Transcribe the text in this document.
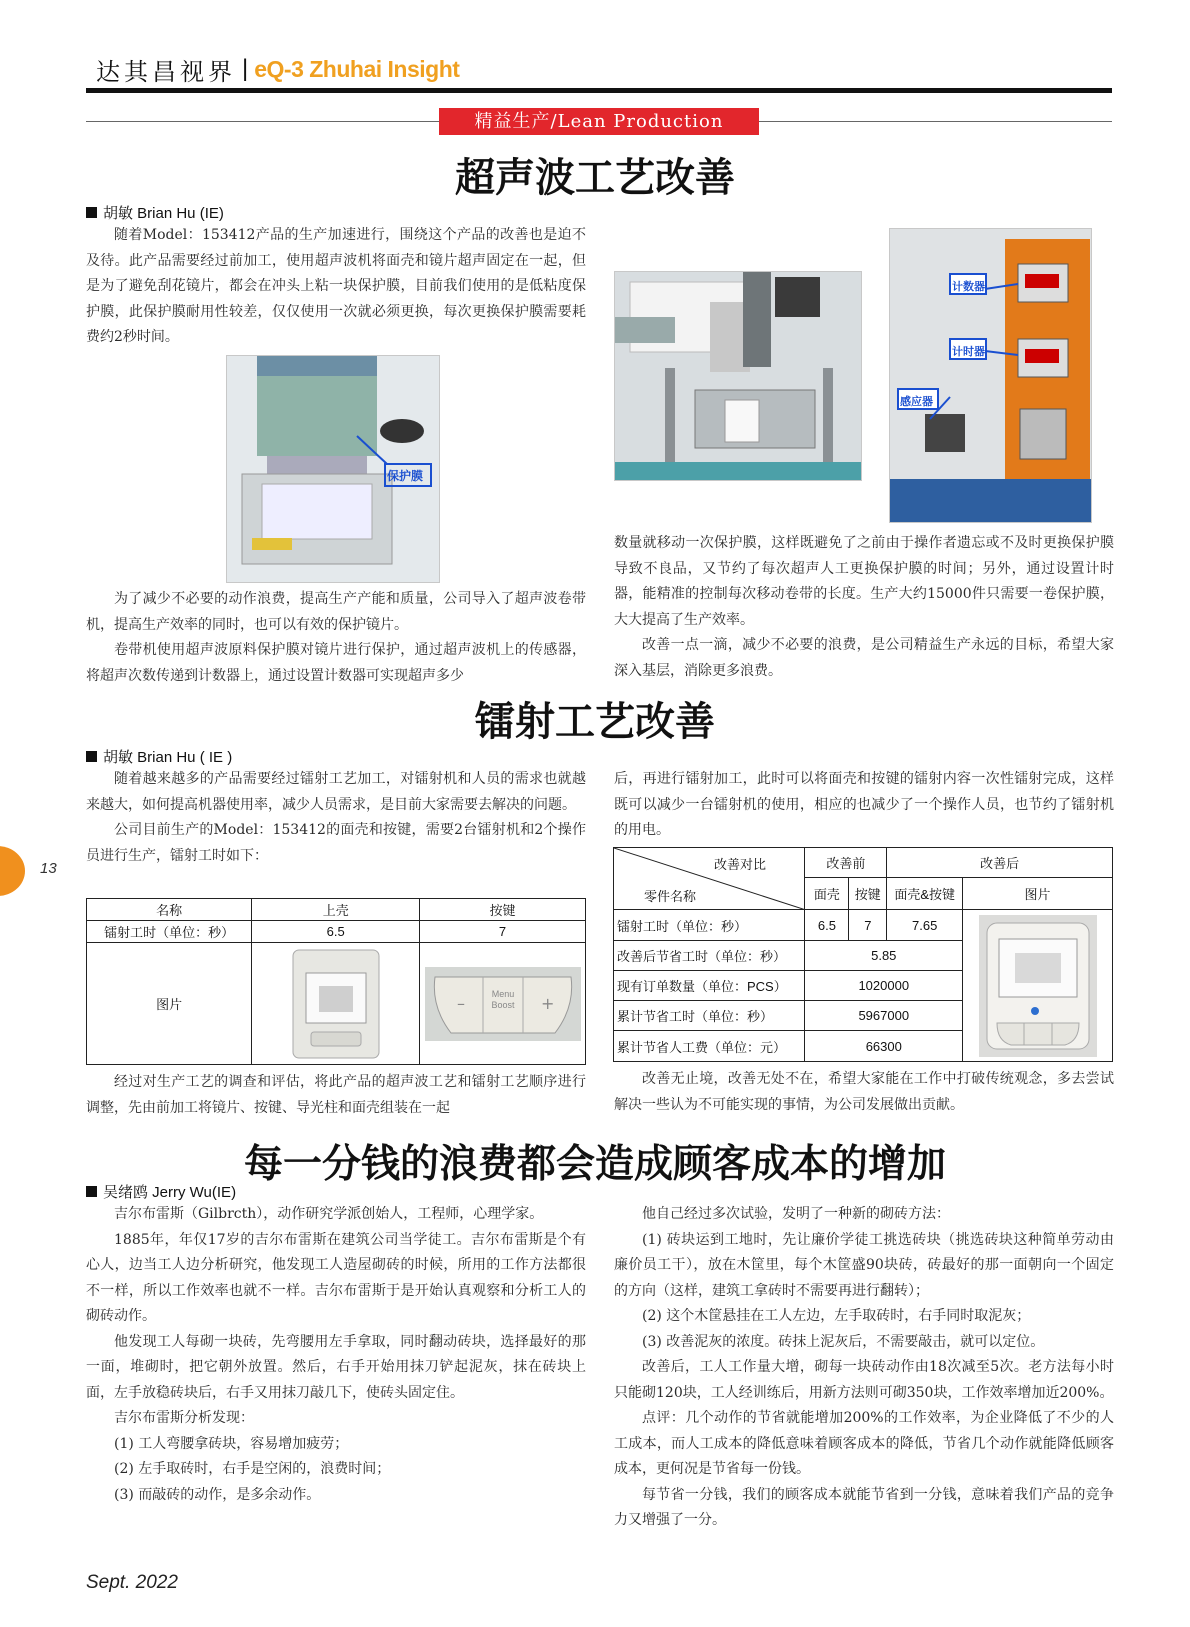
达其昌视界 | eQ-3 Zhuhai Insight
精益生产/Lean Production
超声波工艺改善
胡敏 Brian Hu (IE)

随着Model：153412产品的生产加速进行，围绕这个产品的改善也是迫不及待。此产品需要经过前加工，使用超声波机将面壳和镜片超声固定在一起，但是为了避免刮花镜片，都会在冲头上粘一块保护膜，目前我们使用的是低粘度保护膜，此保护膜耐用性较差，仅仅使用一次就必须更换，每次更换保护膜需要耗费约2秒时间。

保护膜

为了减少不必要的动作浪费，提高生产产能和质量，公司导入了超声波卷带机，提高生产效率的同时，也可以有效的保护镜片。

卷带机使用超声波原料保护膜对镜片进行保护，通过超声波机上的传感器，将超声次数传递到计数器上，通过设置计数器可实现超声多少

计数器
计时器
感应器

数量就移动一次保护膜，这样既避免了之前由于操作者遗忘或不及时更换保护膜导致不良品，又节约了每次超声人工更换保护膜的时间；另外，通过设置计时器，能精准的控制每次移动卷带的长度。生产大约15000件只需要一卷保护膜，大大提高了生产效率。

改善一点一滴，减少不必要的浪费，是公司精益生产永远的目标，希望大家深入基层，消除更多浪费。

镭射工艺改善
胡敏 Brian Hu ( IE )

随着越来越多的产品需要经过镭射工艺加工，对镭射机和人员的需求也就越来越大，如何提高机器使用率，减少人员需求，是目前大家需要去解决的问题。

公司目前生产的Model：153412的面壳和按键，需要2台镭射机和2个操作员进行生产，镭射工时如下：

名称	上壳	按键
镭射工时（单位：秒）	6.5	7
图片		– +
Menu
Boost

经过对生产工艺的调查和评估，将此产品的超声波工艺和镭射工艺顺序进行调整，先由前加工将镜片、按键、导光柱和面壳组装在一起

后，再进行镭射加工，此时可以将面壳和按键的镭射内容一次性镭射完成，这样既可以减少一台镭射机的使用，相应的也减少了一个操作人员，也节约了镭射机的用电。

改善对比
零件名称	改善前		改善后	
	面壳	按键	面壳&按键	图片
镭射工时（单位：秒）	6.5	7	7.65	

改善后节省工时（单位：秒）	5.85			
现有订单数量（单位：PCS）	1020000			
累计节省工时（单位：秒）	5967000			
累计节省人工费（单位：元）	66300			

改善无止境，改善无处不在，希望大家能在工作中打破传统观念，多去尝试解决一些认为不可能实现的事情，为公司发展做出贡献。

每一分钱的浪费都会造成顾客成本的增加
吴绪鸥 Jerry Wu(IE)

吉尔布雷斯（Gilbrcth），动作研究学派创始人，工程师，心理学家。

1885年，年仅17岁的吉尔布雷斯在建筑公司当学徒工。吉尔布雷斯是个有心人，边当工人边分析研究，他发现工人造屋砌砖的时候，所用的工作方法都很不一样，所以工作效率也就不一样。吉尔布雷斯于是开始认真观察和分析工人的砌砖动作。

他发现工人每砌一块砖，先弯腰用左手拿取，同时翻动砖块，选择最好的那一面，堆砌时，把它朝外放置。然后，右手开始用抹刀铲起泥灰，抹在砖块上面，左手放稳砖块后，右手又用抹刀敲几下，使砖头固定住。

吉尔布雷斯分析发现：

(1) 工人弯腰拿砖块，容易增加疲劳；

(2) 左手取砖时，右手是空闲的，浪费时间；

(3) 而敲砖的动作，是多余动作。

他自己经过多次试验，发明了一种新的砌砖方法：

(1) 砖块运到工地时，先让廉价学徒工挑选砖块（挑选砖块这种简单劳动由廉价员工干），放在木筐里，每个木筐盛90块砖，砖最好的那一面朝向一个固定的方向（这样，建筑工拿砖时不需要再进行翻转）；

(2) 这个木筐悬挂在工人左边，左手取砖时，右手同时取泥灰；

(3) 改善泥灰的浓度。砖抹上泥灰后，不需要敲击，就可以定位。

改善后，工人工作量大增，砌每一块砖动作由18次减至5次。老方法每小时只能砌120块，工人经训练后，用新方法则可砌350块，工作效率增加近200%。

点评：几个动作的节省就能增加200%的工作效率，为企业降低了不少的人工成本，而人工成本的降低意味着顾客成本的降低，节省几个动作就能降低顾客成本，更何况是节省每一份钱。

每节省一分钱，我们的顾客成本就能节省到一分钱，意味着我们产品的竞争力又增强了一分。

13
Sept. 2022
